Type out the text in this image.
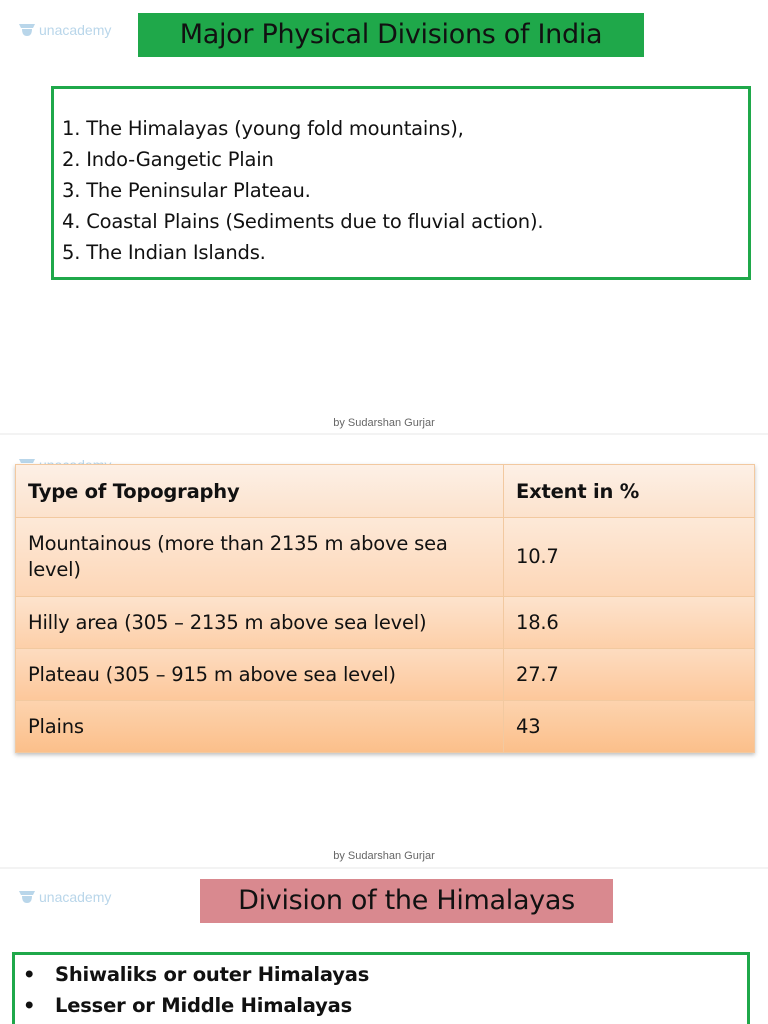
unacademy	Major Physical Divisions of India
1. The Himalayas (young fold mountains),
2. Indo-Gangetic Plain
3. The Peninsular Plateau.
4. Coastal Plains (Sediments due to fluvial action).
5. The Indian Islands.
by Sudarshan Gurjar
unacademy
Type of Topography	Extent in %
Mountainous (more than 2135 m above sea level)	10.7
Hilly area (305 – 2135 m above sea level)	18.6
Plateau (305 – 915 m above sea level)	27.7
Plains	43
by Sudarshan Gurjar
unacademy	Division of the Himalayas
•	Shiwaliks or outer Himalayas
•	Lesser or Middle Himalayas
